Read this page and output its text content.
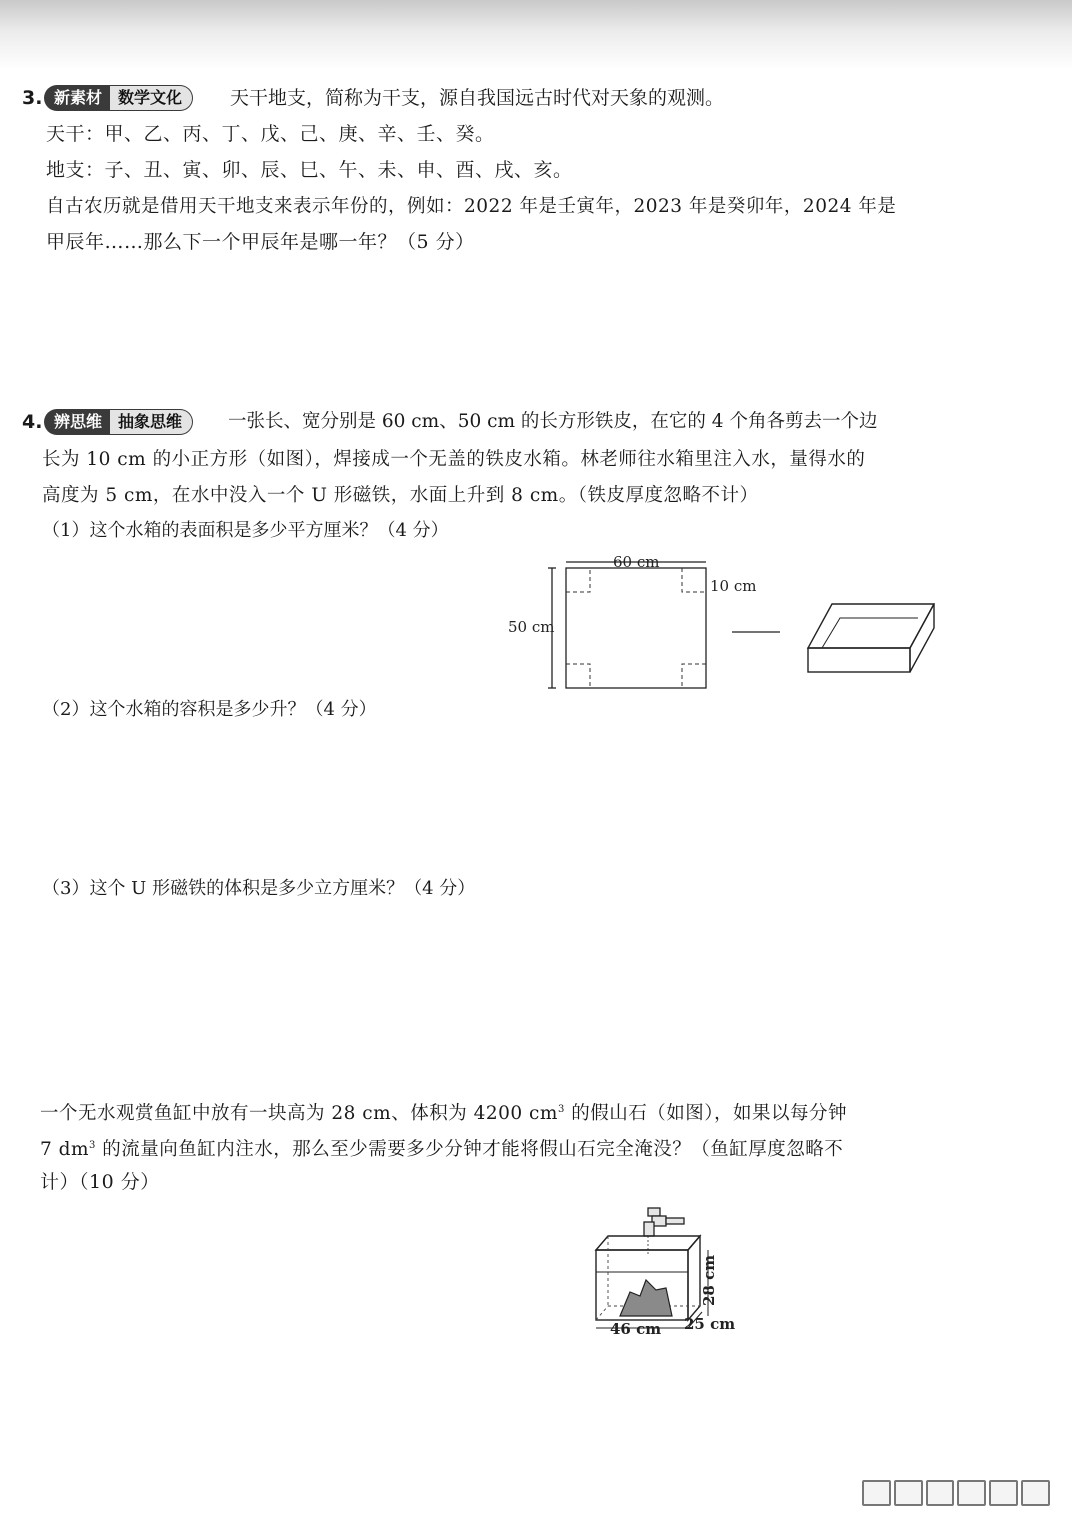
3. 新素材	数学文化	天干地支，简称为干支，源自我国远古时代对天象的观测。
天干：甲、乙、丙、丁、戊、己、庚、辛、壬、癸。
地支：子、丑、寅、卯、辰、巳、午、未、申、酉、戌、亥。
自古农历就是借用天干地支来表示年份的，例如：2022 年是壬寅年，2023 年是癸卯年，2024 年是
甲辰年……那么下一个甲辰年是哪一年？（5 分）
4. 辨思维	抽象思维	一张长、宽分别是 60 cm、50 cm 的长方形铁皮，在它的 4 个角各剪去一个边
长为 10 cm 的小正方形（如图），焊接成一个无盖的铁皮水箱。林老师往水箱里注入水，量得水的
高度为 5 cm，在水中没入一个 U 形磁铁，水面上升到 8 cm。（铁皮厚度忽略不计）
（1）这个水箱的表面积是多少平方厘米？（4 分）
60 cm
50 cm
10 cm
（2）这个水箱的容积是多少升？（4 分）
（3）这个 U 形磁铁的体积是多少立方厘米？（4 分）
一个无水观赏鱼缸中放有一块高为 28 cm、体积为 4200 $cm^3$ 的假山石（如图），如果以每分钟
7 $dm^3$ 的流量向鱼缸内注水，那么至少需要多少分钟才能将假山石完全淹没？（鱼缸厚度忽略不
计）（10 分）
46 cm 25 cm
28 cm
